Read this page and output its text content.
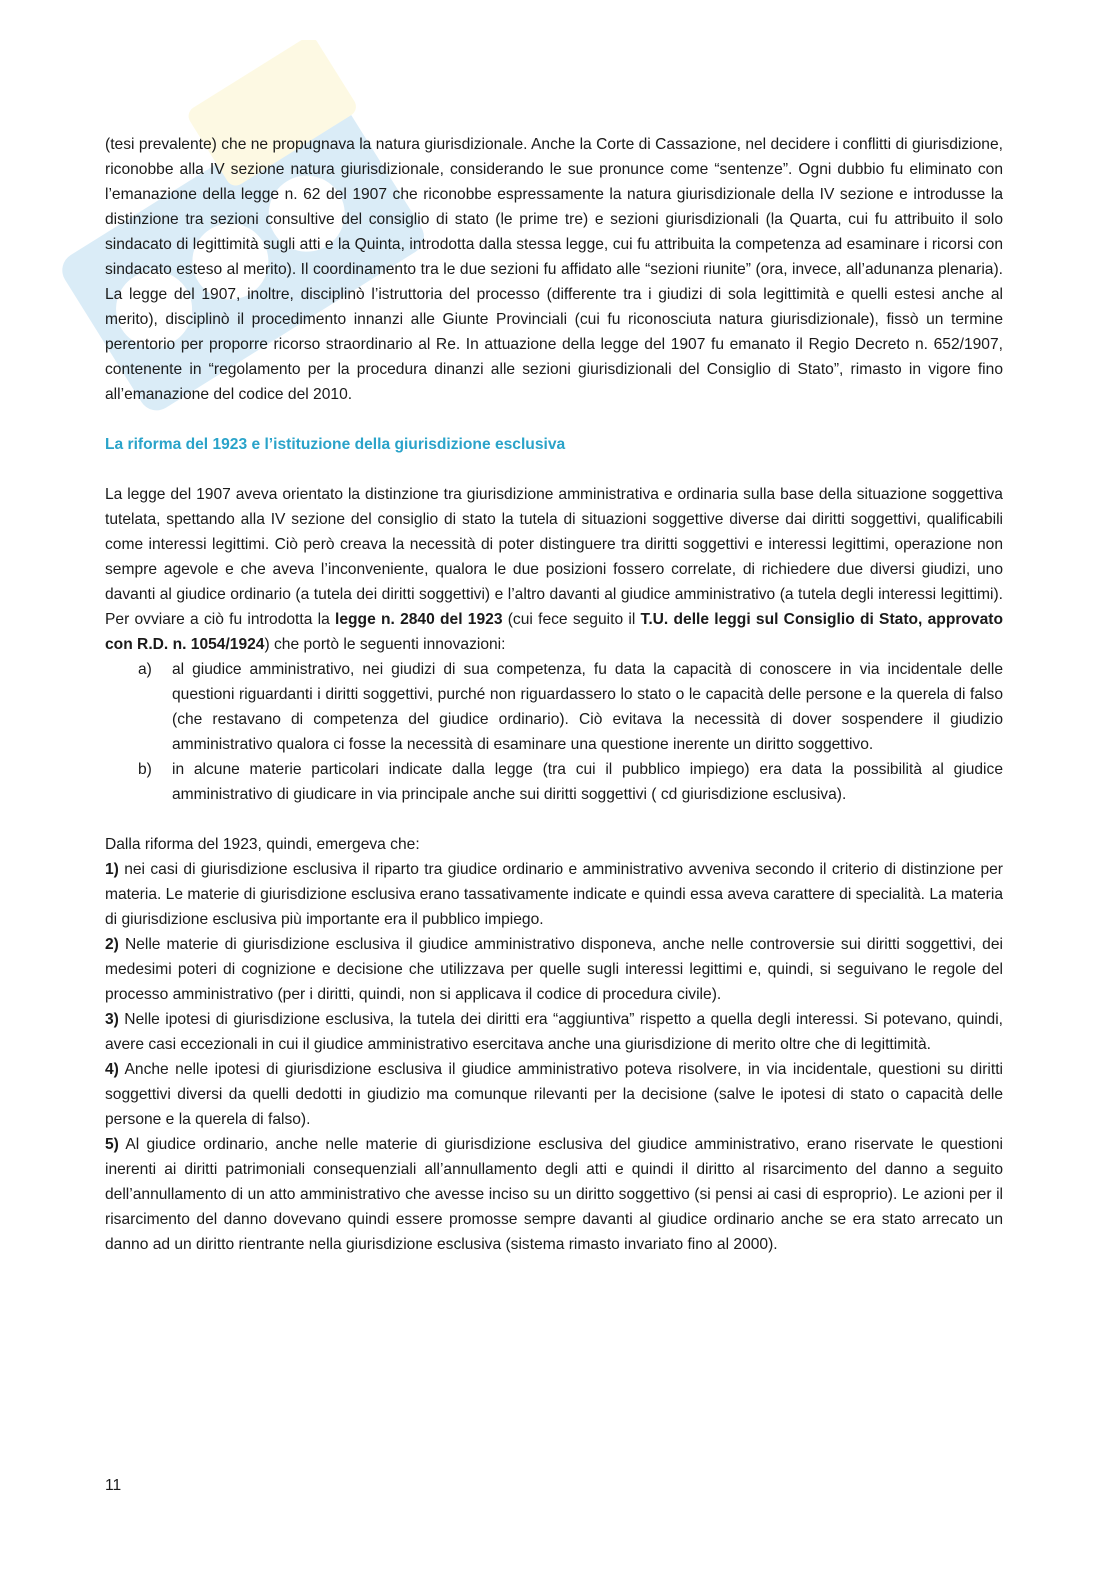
(tesi prevalente) che ne propugnava la natura giurisdizionale. Anche la Corte di Cassazione, nel decidere i conflitti di giurisdizione, riconobbe alla IV sezione natura giurisdizionale, considerando le sue pronunce come “sentenze”. Ogni dubbio fu eliminato con l’emanazione della legge n. 62 del 1907 che riconobbe espressamente la natura giurisdizionale della IV sezione e introdusse la distinzione tra sezioni consultive del consiglio di stato (le prime tre) e sezioni giurisdizionali (la Quarta, cui fu attribuito il solo sindacato di legittimità sugli atti e la Quinta, introdotta dalla stessa legge, cui fu attribuita la competenza ad esaminare i ricorsi con sindacato esteso al merito). Il coordinamento tra le due sezioni fu affidato alle “sezioni riunite” (ora, invece, all’adunanza plenaria). La legge del 1907, inoltre, disciplinò l’istruttoria del processo (differente tra i giudizi di sola legittimità e quelli estesi anche al merito), disciplinò il procedimento innanzi alle Giunte Provinciali (cui fu riconosciuta natura giurisdizionale), fissò un termine perentorio per proporre ricorso straordinario al Re. In attuazione della legge del 1907 fu emanato il Regio Decreto n. 652/1907, contenente in “regolamento per la procedura dinanzi alle sezioni giurisdizionali del Consiglio di Stato”, rimasto in vigore fino all’emanazione del codice del 2010.

La riforma del 1923 e l’istituzione della giurisdizione esclusiva

La legge del 1907 aveva orientato la distinzione tra giurisdizione amministrativa e ordinaria sulla base della situazione soggettiva tutelata, spettando alla IV sezione del consiglio di stato la tutela di situazioni soggettive diverse dai diritti soggettivi, qualificabili come interessi legittimi. Ciò però creava la necessità di poter distinguere tra diritti soggettivi e interessi legittimi, operazione non sempre agevole e che aveva l’inconveniente, qualora le due posizioni fossero correlate, di richiedere due diversi giudizi, uno davanti al giudice ordinario (a tutela dei diritti soggettivi) e l’altro davanti al giudice amministrativo (a tutela degli interessi legittimi). Per ovviare a ciò fu introdotta la legge n. 2840 del 1923 (cui fece seguito il T.U. delle leggi sul Consiglio di Stato, approvato con R.D. n. 1054/1924) che portò le seguenti innovazioni:

a)	al giudice amministrativo, nei giudizi di sua competenza, fu data la capacità di conoscere in via incidentale delle questioni riguardanti i diritti soggettivi, purché non riguardassero lo stato o le capacità delle persone e la querela di falso (che restavano di competenza del giudice ordinario). Ciò evitava la necessità di dover sospendere il giudizio amministrativo qualora ci fosse la necessità di esaminare una questione inerente un diritto soggettivo.
b)	in alcune materie particolari indicate dalla legge (tra cui il pubblico impiego) era data la possibilità al giudice amministrativo di giudicare in via principale anche sui diritti soggettivi ( cd giurisdizione esclusiva).

Dalla riforma del 1923, quindi, emergeva che:

1) nei casi di giurisdizione esclusiva il riparto tra giudice ordinario e amministrativo avveniva secondo il criterio di distinzione per materia. Le materie di giurisdizione esclusiva erano tassativamente indicate e quindi essa aveva carattere di specialità. La materia di giurisdizione esclusiva più importante era il pubblico impiego.

2) Nelle materie di giurisdizione esclusiva il giudice amministrativo disponeva, anche nelle controversie sui diritti soggettivi, dei medesimi poteri di cognizione e decisione che utilizzava per quelle sugli interessi legittimi e, quindi, si seguivano le regole del processo amministrativo (per i diritti, quindi, non si applicava il codice di procedura civile).

3) Nelle ipotesi di giurisdizione esclusiva, la tutela dei diritti era “aggiuntiva” rispetto a quella degli interessi. Si potevano, quindi, avere casi eccezionali in cui il giudice amministrativo esercitava anche una giurisdizione di merito oltre che di legittimità.

4) Anche nelle ipotesi di giurisdizione esclusiva il giudice amministrativo poteva risolvere, in via incidentale, questioni su diritti soggettivi diversi da quelli dedotti in giudizio ma comunque rilevanti per la decisione (salve le ipotesi di stato o capacità delle persone e la querela di falso).

5) Al giudice ordinario, anche nelle materie di giurisdizione esclusiva del giudice amministrativo, erano riservate le questioni inerenti ai diritti patrimoniali consequenziali all’annullamento degli atti e quindi il diritto al risarcimento del danno a seguito dell’annullamento di un atto amministrativo che avesse inciso su un diritto soggettivo (si pensi ai casi di esproprio). Le azioni per il risarcimento del danno dovevano quindi essere promosse sempre davanti al giudice ordinario anche se era stato arrecato un danno ad un diritto rientrante nella giurisdizione esclusiva (sistema rimasto invariato fino al 2000).

11
